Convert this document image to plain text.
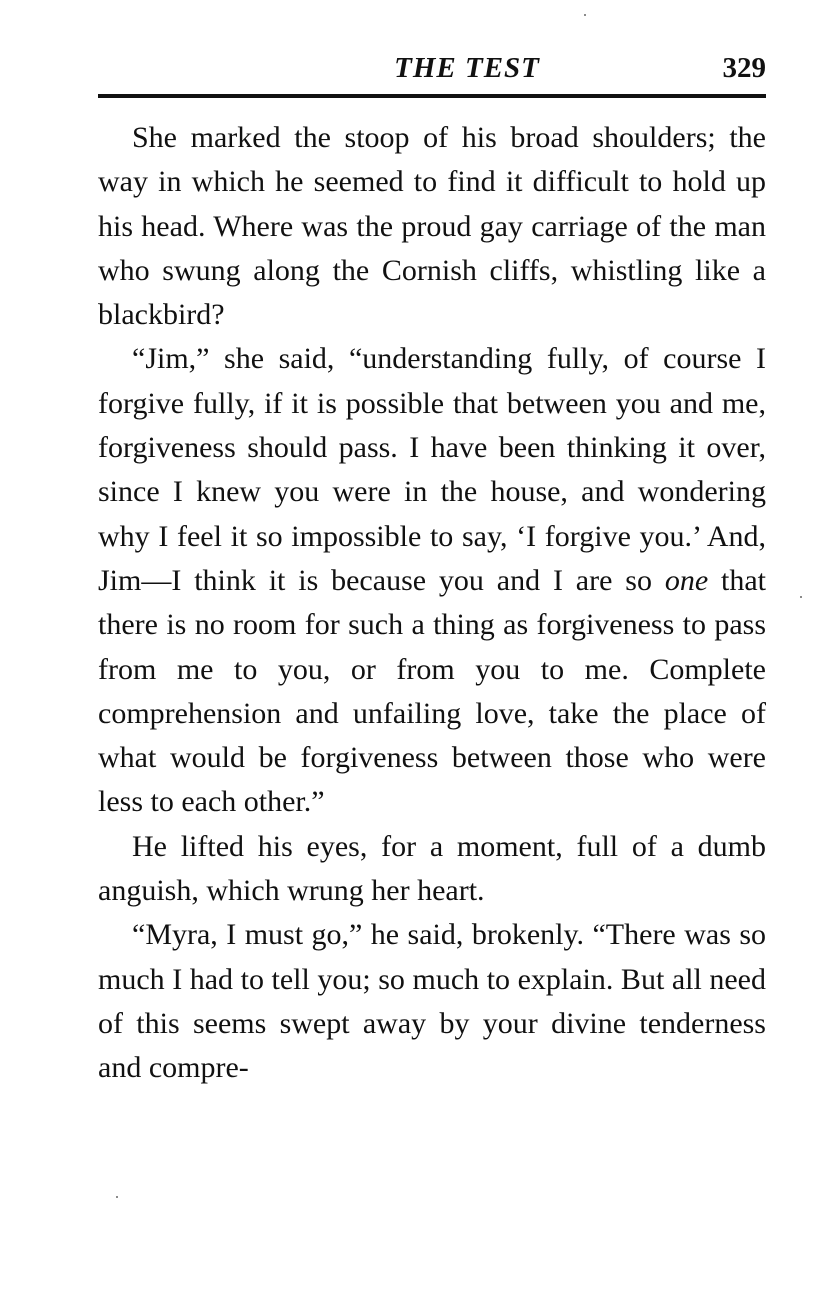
THE TEST	329

She marked the stoop of his broad shoulders; the way in which he seemed to find it difficult to hold up his head. Where was the proud gay carriage of the man who swung along the Cornish cliffs, whistling like a blackbird?

“Jim,” she said, “understanding fully, of course I forgive fully, if it is possible that between you and me, forgiveness should pass. I have been thinking it over, since I knew you were in the house, and wondering why I feel it so impossible to say, ‘I forgive you.’ And, Jim—I think it is because you and I are so one that there is no room for such a thing as forgiveness to pass from me to you, or from you to me. Complete comprehension and unfailing love, take the place of what would be forgiveness between those who were less to each other.”

He lifted his eyes, for a moment, full of a dumb anguish, which wrung her heart.

“Myra, I must go,” he said, brokenly. “There was so much I had to tell you; so much to explain. But all need of this seems swept away by your divine tenderness and compre-
